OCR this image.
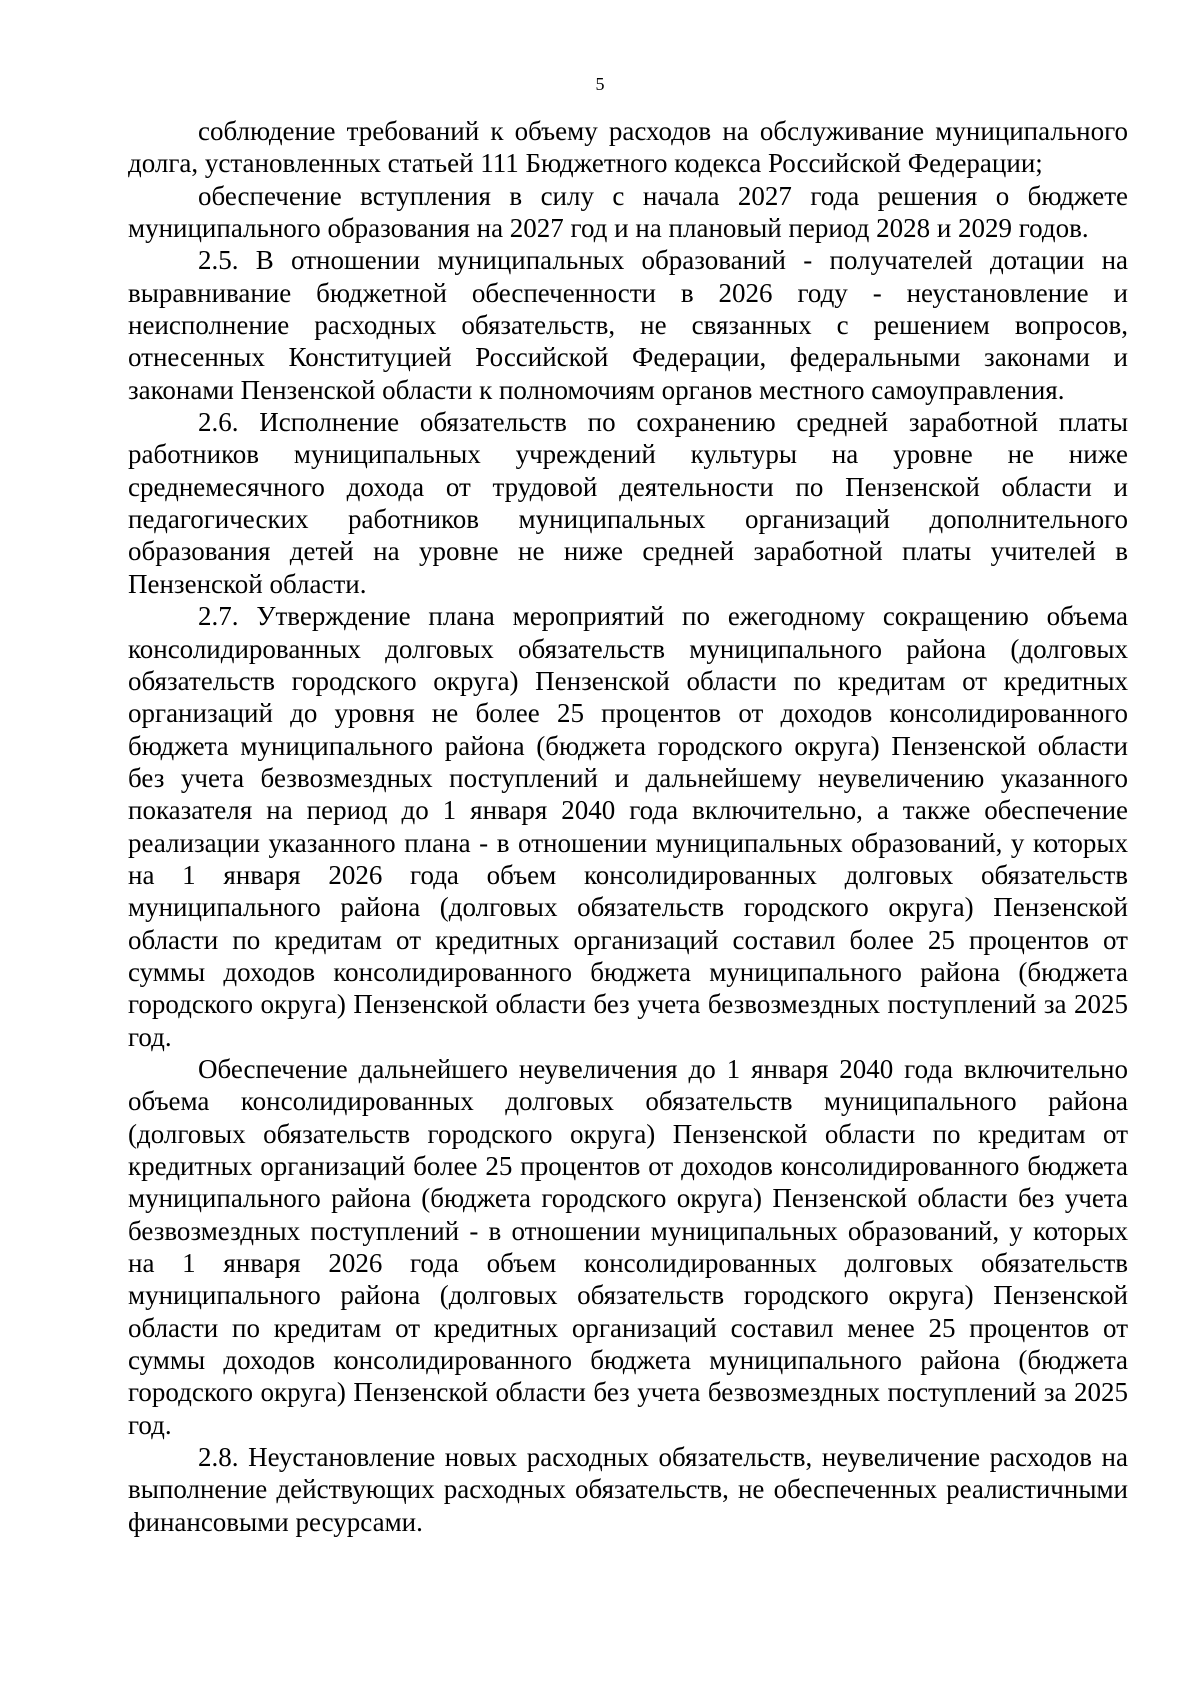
5

соблюдение требований к объему расходов на обслуживание муниципального долга, установленных статьей 111 Бюджетного кодекса Российской Федерации;

обеспечение вступления в силу с начала 2027 года решения о бюджете муниципального образования на 2027 год и на плановый период 2028 и 2029 годов.

2.5. В отношении муниципальных образований - получателей дотации на выравнивание бюджетной обеспеченности в 2026 году - неустановление и неисполнение расходных обязательств, не связанных с решением вопросов, отнесенных Конституцией Российской Федерации, федеральными законами и законами Пензенской области к полномочиям органов местного самоуправления.

2.6. Исполнение обязательств по сохранению средней заработной платы работников муниципальных учреждений культуры на уровне не ниже среднемесячного дохода от трудовой деятельности по Пензенской области и педагогических работников муниципальных организаций дополнительного образования детей на уровне не ниже средней заработной платы учителей в Пензенской области.

2.7. Утверждение плана мероприятий по ежегодному сокращению объема консолидированных долговых обязательств муниципального района (долговых обязательств городского округа) Пензенской области по кредитам от кредитных организаций до уровня не более 25 процентов от доходов консолидированного бюджета муниципального района (бюджета городского округа) Пензенской области без учета безвозмездных поступлений и дальнейшему неувеличению указанного показателя на период до 1 января 2040 года включительно, а также обеспечение реализации указанного плана - в отношении муниципальных образований, у которых на 1 января 2026 года объем консолидированных долговых обязательств муниципального района (долговых обязательств городского округа) Пензенской области по кредитам от кредитных организаций составил более 25 процентов от суммы доходов консолидированного бюджета муниципального района (бюджета городского округа) Пензенской области без учета безвозмездных поступлений за 2025 год.

Обеспечение дальнейшего неувеличения до 1 января 2040 года включительно объема консолидированных долговых обязательств муниципального района (долговых обязательств городского округа) Пензенской области по кредитам от кредитных организаций более 25 процентов от доходов консолидированного бюджета муниципального района (бюджета городского округа) Пензенской области без учета безвозмездных поступлений - в отношении муниципальных образований, у которых на 1 января 2026 года объем консолидированных долговых обязательств муниципального района (долговых обязательств городского округа) Пензенской области по кредитам от кредитных организаций составил менее 25 процентов от суммы доходов консолидированного бюджета муниципального района (бюджета городского округа) Пензенской области без учета безвозмездных поступлений за 2025 год.

2.8. Неустановление новых расходных обязательств, неувеличение расходов на выполнение действующих расходных обязательств, не обеспеченных реалистичными финансовыми ресурсами.
